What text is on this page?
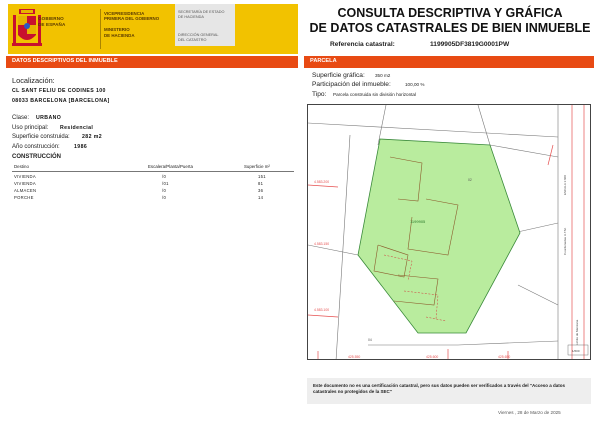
GOBIERNO
DE ESPAÑA
VICEPRESIDENCIA
PRIMERA DEL GOBIERNO

MINISTERIO
DE HACIENDA
SECRETARÍA DE ESTADO
DE HACIENDA
DIRECCIÓN GENERAL
DEL CATASTRO
CONSULTA DESCRIPTIVA Y GRÁFICA
DE DATOS CATASTRALES DE BIEN INMUEBLE
Referencia catastral:	1199905DF3819G0001PW
DATOS DESCRIPTIVOS DEL INMUEBLE	PARCELA
Localización:
CL SANT FELIU DE CODINES 100
08033 BARCELONA [BARCELONA]
Clase: URBANO
Uso principal: Residencial
Superficie construida: 282 m2
Año construcción:	1986
CONSTRUCCIÓN
Destino	Escalera/Planta/Puerta	Superficie m²
VIVIENDA	/0	151
VIVIENDA	/01	81
ALMACEN	/0	36
PORCHE	/0	14
Superficie gráfica: 350 m2
Participación del inmueble:	100,00 %
Tipo: Parcela construida sin división horizontal
4.583.200
4.583.150
4.583.100
425.550	425.600	425.650
ESCALA 1:600
Coordenadas U.T.M.
Limite de Manzana
1199905
02
04
1/600
Este documento no es una certificación catastral, pero sus datos pueden ser verificados a través del "Acceso a datos catastrales no protegidos de la SEC"
Viernes , 28 de Marzo de 2025
